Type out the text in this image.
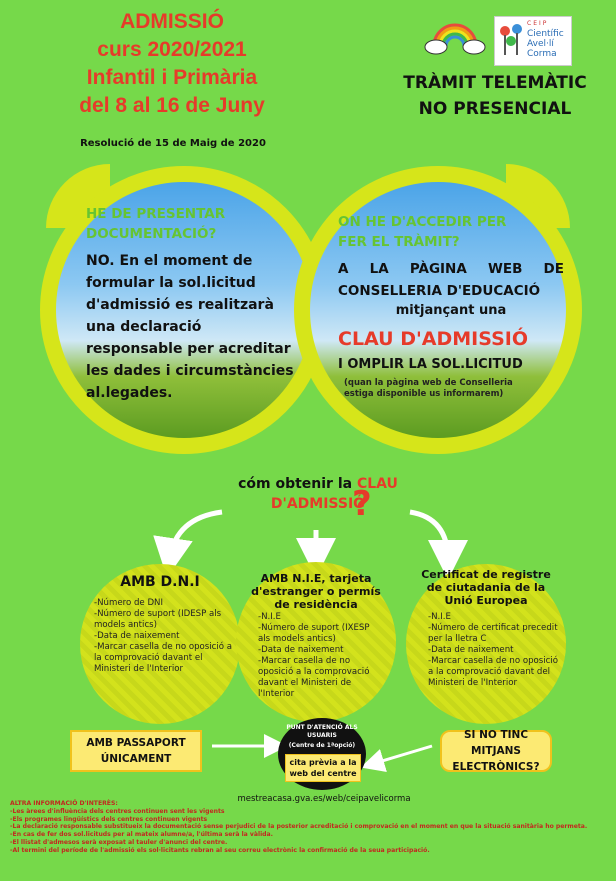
ADMISSIÓ
curs 2020/2021
Infantil i Primària
del 8 al 16 de Juny
Resolució de 15 de Maig de 2020
CEIP
Científic
Avel·lí
Corma
TRÀMIT TELEMÀTIC
NO PRESENCIAL
HE DE PRESENTAR DOCUMENTACIÓ?
NO. En el moment de formular la sol.licitud d'admissió es realitzarà una declaració responsable per acreditar les dades i circumstàncies al.legades.
ON HE D'ACCEDIR PER FER EL TRÀMIT?
A LA PÀGINA WEB DE CONSELLERIA D'EDUCACIÓ
mitjançant una
CLAU D'ADMISSIÓ
I OMPLIR LA SOL.LICITUD
(quan la pàgina web de Conselleria estiga disponible us informarem)
cóm obtenir la CLAU
D'ADMISSIÓ
?
AMB D.N.I
-Número de DNI
-Número de suport (IDESP als models antics)
-Data de naixement
-Marcar casella de no oposició a la comprovació davant el Ministeri de l'Interior
AMB N.I.E, tarjeta d'estranger o permís de residència
-N.I.E
-Número de suport (IXESP als models antics)
-Data de naixement
-Marcar casella de no oposició a la comprovació davant el Ministeri de l'Interior
Certificat de registre de ciutadania de la Unió Europea
-N.I.E
-Número de certificat precedit per la lletra C
-Data de naixement
-Marcar casella de no oposició a la comprovació davant del Ministeri de l'Interior
AMB PASSAPORT ÚNICAMENT
SI NO TINC MITJANS ELECTRÒNICS?
PUNT D'ATENCIÓ ALS USUARIS
(Centre de 1ªopció)
cita prèvia a la web del centre
mestreacasa.gva.es/web/ceipavelicorma
ALTRA INFORMACIÓ D'INTERÈS:
-Les àrees d'influència dels centres continuen sent les vigents
-Els programes lingüístics dels centres continuen vigents
-La declaració responsable substitueix la documentació sense perjudici de la posterior acreditació i comprovació en el moment en que la situació sanitària ho permeta.
-En cas de fer dos sol.licituds per al mateix alumne/a, l'última serà la vàlida.
-El llistat d'admesos serà exposat al tauler d'anunci del centre.
-Al termini del període de l'admissió els sol·licitants rebran al seu correu electrònic la confirmació de la seua participació.
